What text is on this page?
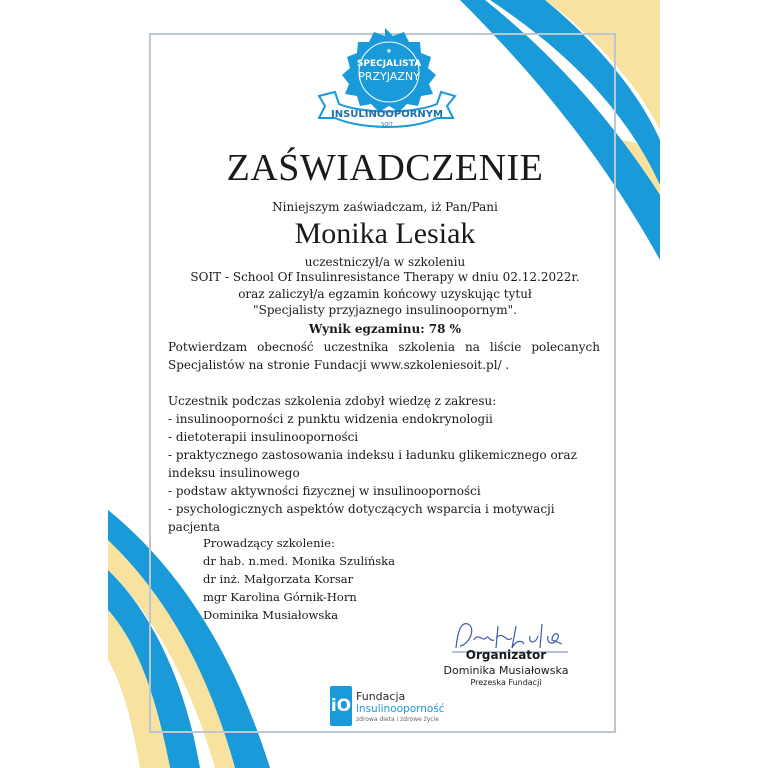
❖
SPECJALISTA
PRZYJAZNY
INSULINOOPORNYM
SOIT
ZAŚWIADCZENIE
Niniejszym zaświadczam, iż Pan/Pani
Monika Lesiak
uczestniczył/a w szkoleniu
SOIT - School Of Insulinresistance Therapy w dniu 02.12.2022r.
oraz zaliczył/a egzamin końcowy uzyskując tytuł
"Specjalisty przyjaznego insulinoopornym".
Wynik egzaminu: 78 %
Potwierdzam obecność uczestnika szkolenia na liście polecanych Specjalistów na stronie Fundacji www.szkoleniesoit.pl/ .
Uczestnik podczas szkolenia zdobył wiedzę z zakresu:
- insulinooporności z punktu widzenia endokrynologii
- dietoterapii insulinooporności
- praktycznego zastosowania indeksu i ładunku glikemicznego oraz indeksu insulinowego
- podstaw aktywności fizycznej w insulinooporności
- psychologicznych aspektów dotyczących wsparcia i motywacji pacjenta
Prowadzący szkolenie:
dr hab. n.med. Monika Szulińska
dr inż. Małgorzata Korsar
mgr Karolina Górnik-Horn
Dominika Musiałowska
Organizator
Dominika Musiałowska
Prezeska Fundacji
iO Fundacja
insulinooporność
zdrowa dieta i zdrowe życie
